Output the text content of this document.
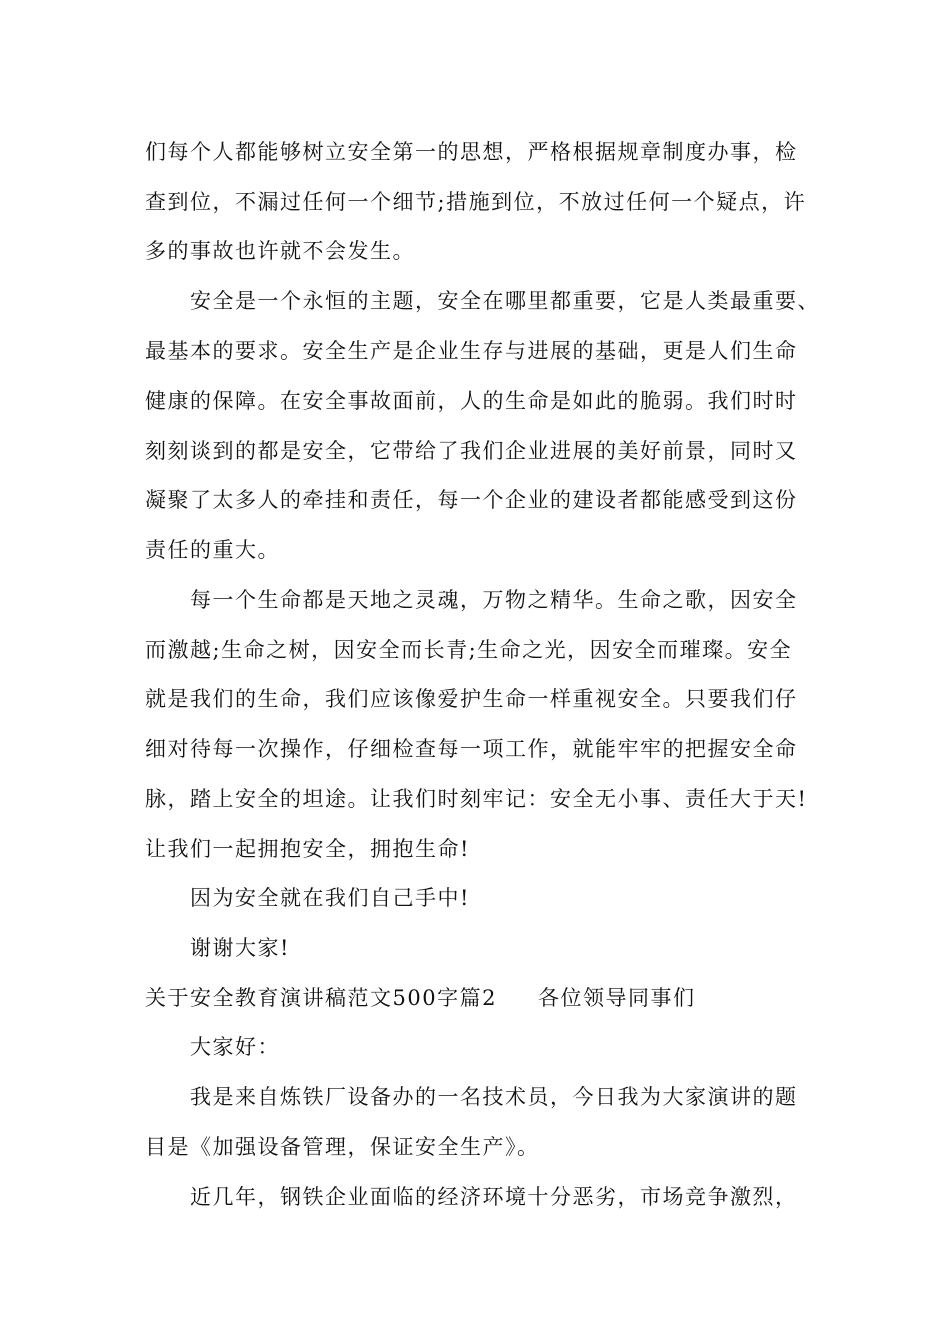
们每个人都能够树立安全第一的思想，严格根据规章制度办事，检
查到位，不漏过任何一个细节;措施到位，不放过任何一个疑点，许
多的事故也许就不会发生。
安全是一个永恒的主题，安全在哪里都重要，它是人类最重要、
最基本的要求。安全生产是企业生存与进展的基础，更是人们生命
健康的保障。在安全事故面前，人的生命是如此的脆弱。我们时时
刻刻谈到的都是安全，它带给了我们企业进展的美好前景，同时又
凝聚了太多人的牵挂和责任，每一个企业的建设者都能感受到这份
责任的重大。
每一个生命都是天地之灵魂，万物之精华。生命之歌，因安全
而激越;生命之树，因安全而长青;生命之光，因安全而璀璨。安全
就是我们的生命，我们应该像爱护生命一样重视安全。只要我们仔
细对待每一次操作，仔细检查每一项工作，就能牢牢的把握安全命
脉，踏上安全的坦途。让我们时刻牢记：安全无小事、责任大于天!
让我们一起拥抱安全，拥抱生命!
因为安全就在我们自己手中!
谢谢大家!
关于安全教育演讲稿范文500字篇2 各位领导同事们
大家好：
我是来自炼铁厂设备办的一名技术员，今日我为大家演讲的题
目是《加强设备管理，保证安全生产》。
近几年，钢铁企业面临的经济环境十分恶劣，市场竞争激烈，
